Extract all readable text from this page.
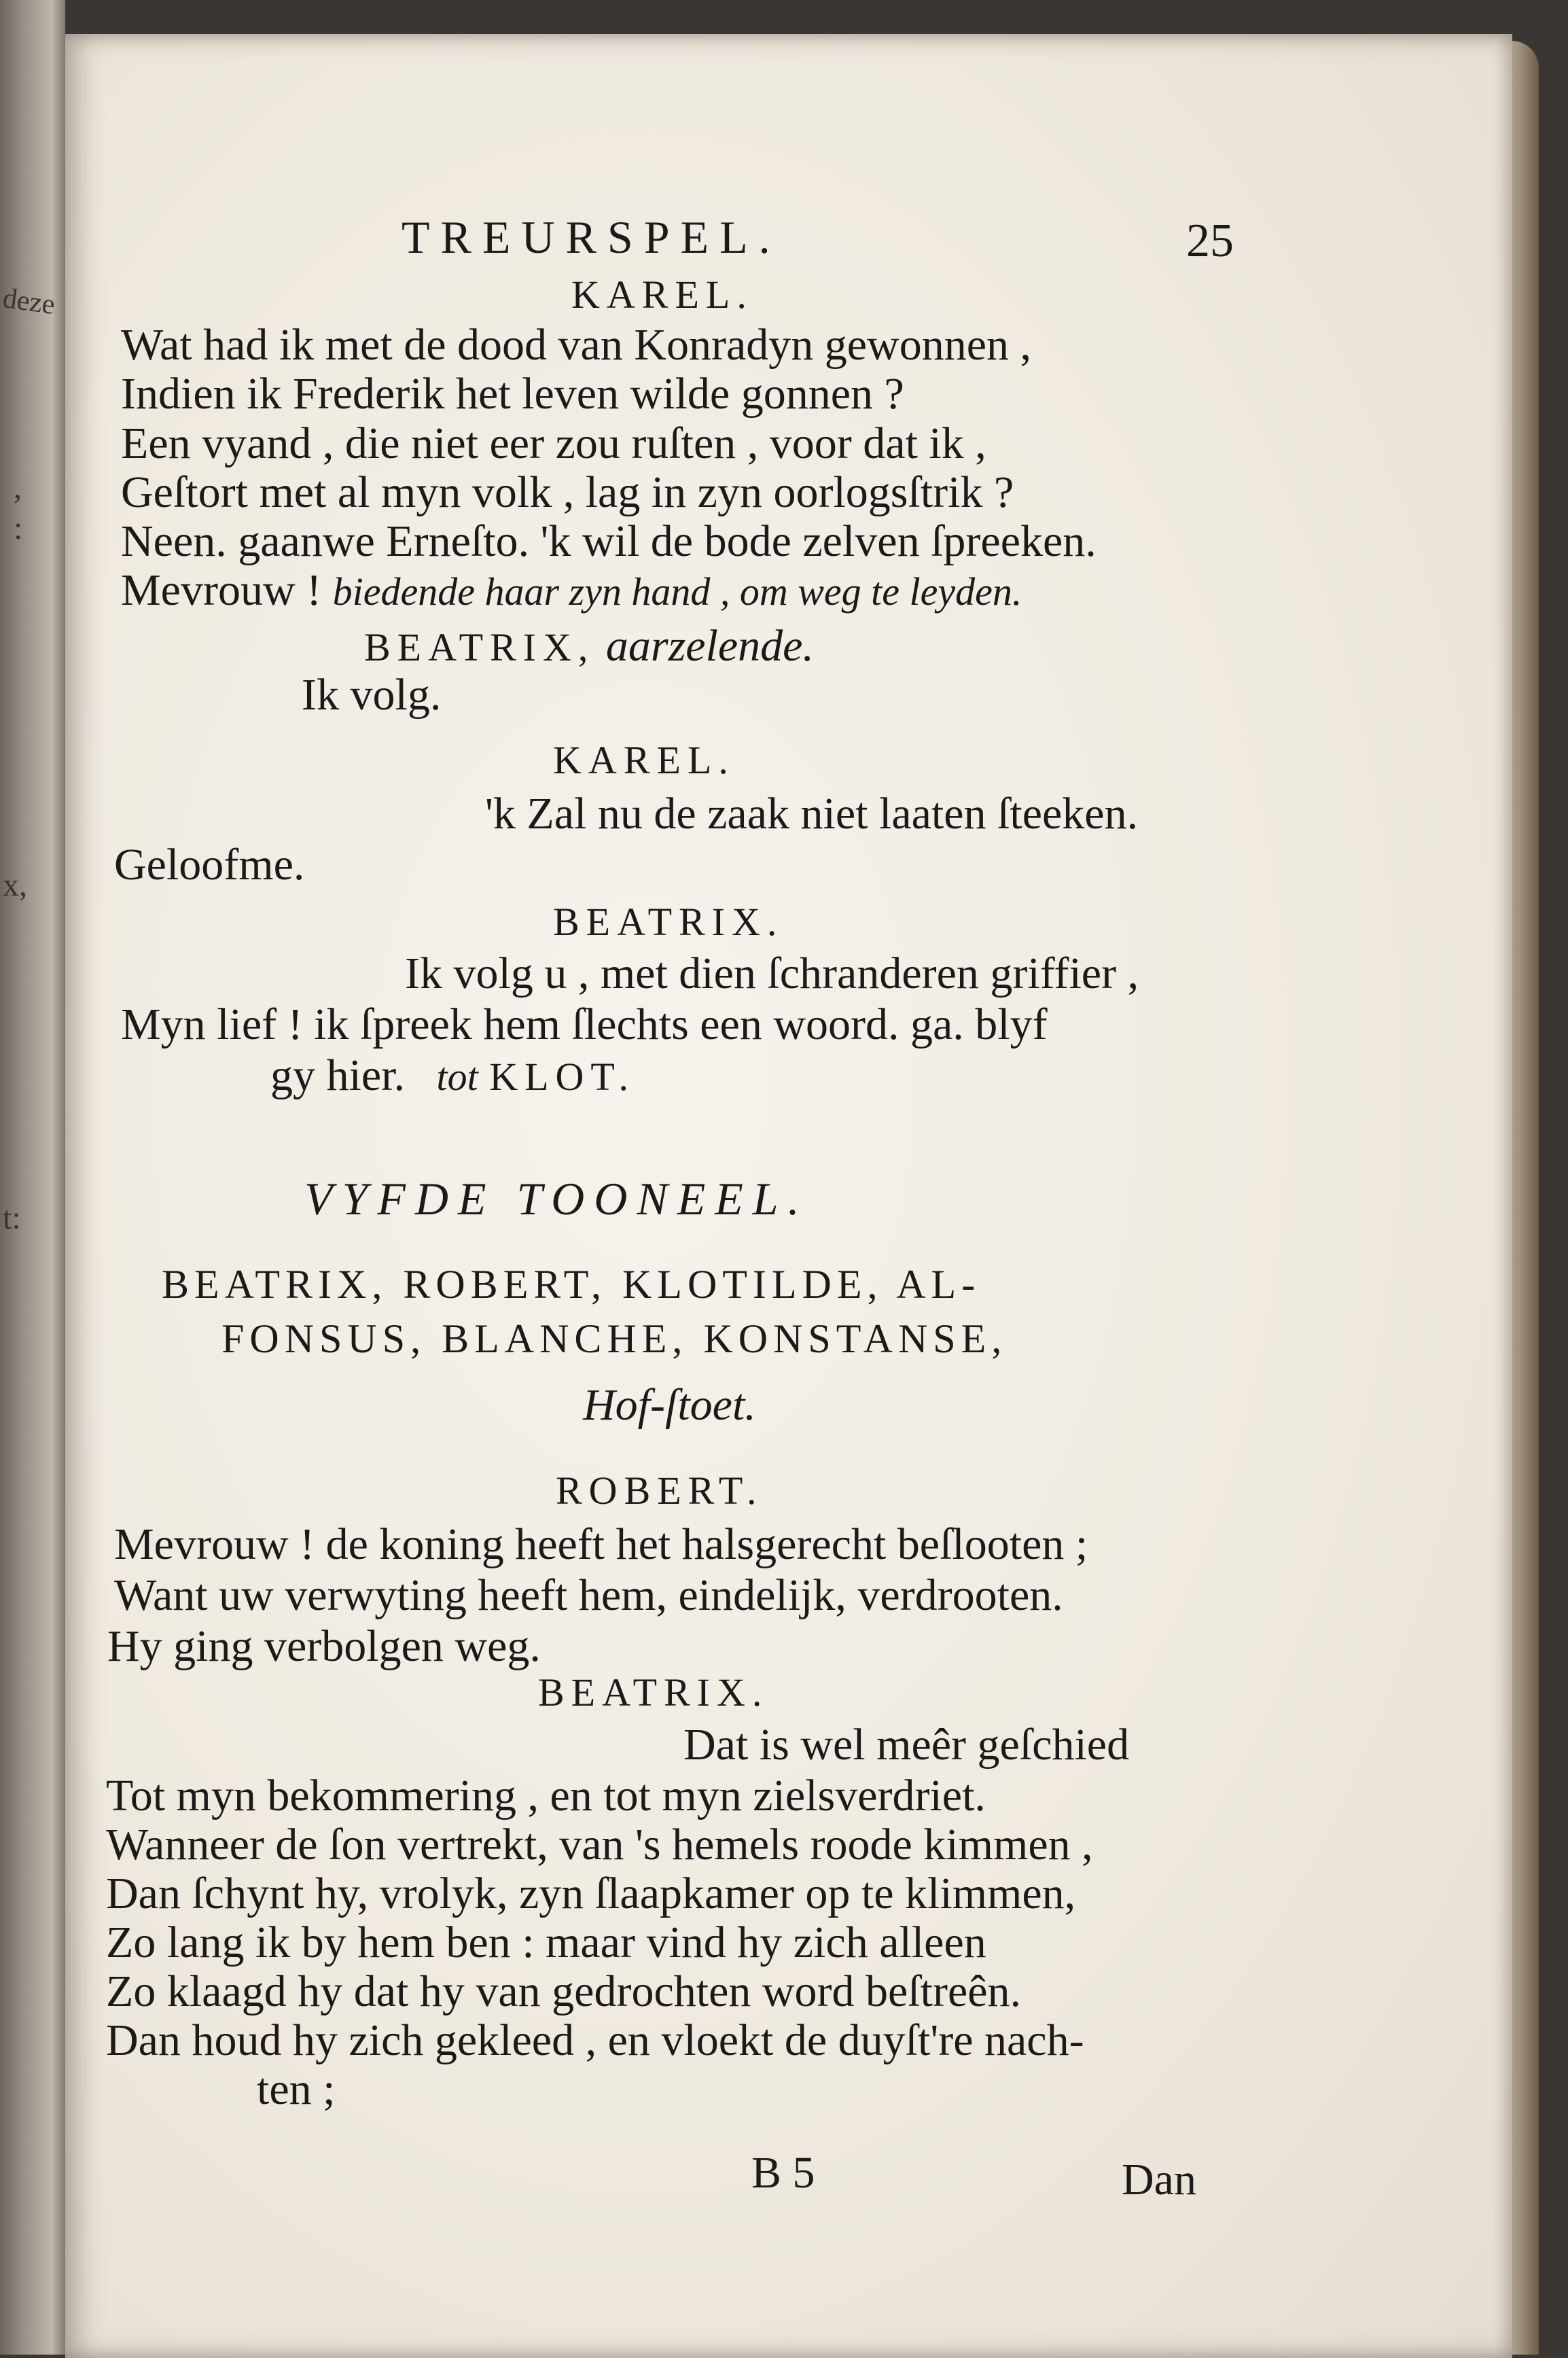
deze
,
:
x,
t:
TREURSPEL.	25
KAREL.
Wat had ik met de dood van Konradyn gewonnen ,
Indien ik Frederik het leven wilde gonnen ?
Een vyand , die niet eer zou ruſten , voor dat ik ,
Geſtort met al myn volk , lag in zyn oorlogsſtrik ?
Neen. gaanwe Erneſto. 'k wil de bode zelven ſpreeken.
Mevrouw ! biedende haar zyn hand , om weg te leyden.
BEATRIX, aarzelende.
Ik volg.
KAREL.
'k Zal nu de zaak niet laaten ſteeken.
Geloofme.
BEATRIX.
Ik volg u , met dien ſchranderen griffier ,
Myn lief ! ik ſpreek hem ſlechts een woord. ga. blyf
gy hier. tot KLOT.
VYFDE TOONEEL.
BEATRIX, ROBERT, KLOTILDE, AL-
FONSUS, BLANCHE, KONSTANSE,
Hof-ſtoet.
ROBERT.
Mevrouw ! de koning heeft het halsgerecht beſlooten ;
Want uw verwyting heeft hem, eindelijk, verdrooten.
Hy ging verbolgen weg.
BEATRIX.
Dat is wel meêr geſchied
Tot myn bekommering , en tot myn zielsverdriet.
Wanneer de ſon vertrekt, van 's hemels roode kimmen ,
Dan ſchynt hy, vrolyk, zyn ſlaapkamer op te klimmen,
Zo lang ik by hem ben : maar vind hy zich alleen
Zo klaagd hy dat hy van gedrochten word beſtreên.
Dan houd hy zich gekleed , en vloekt de duyſt're nach-
ten ;
B 5	Dan
